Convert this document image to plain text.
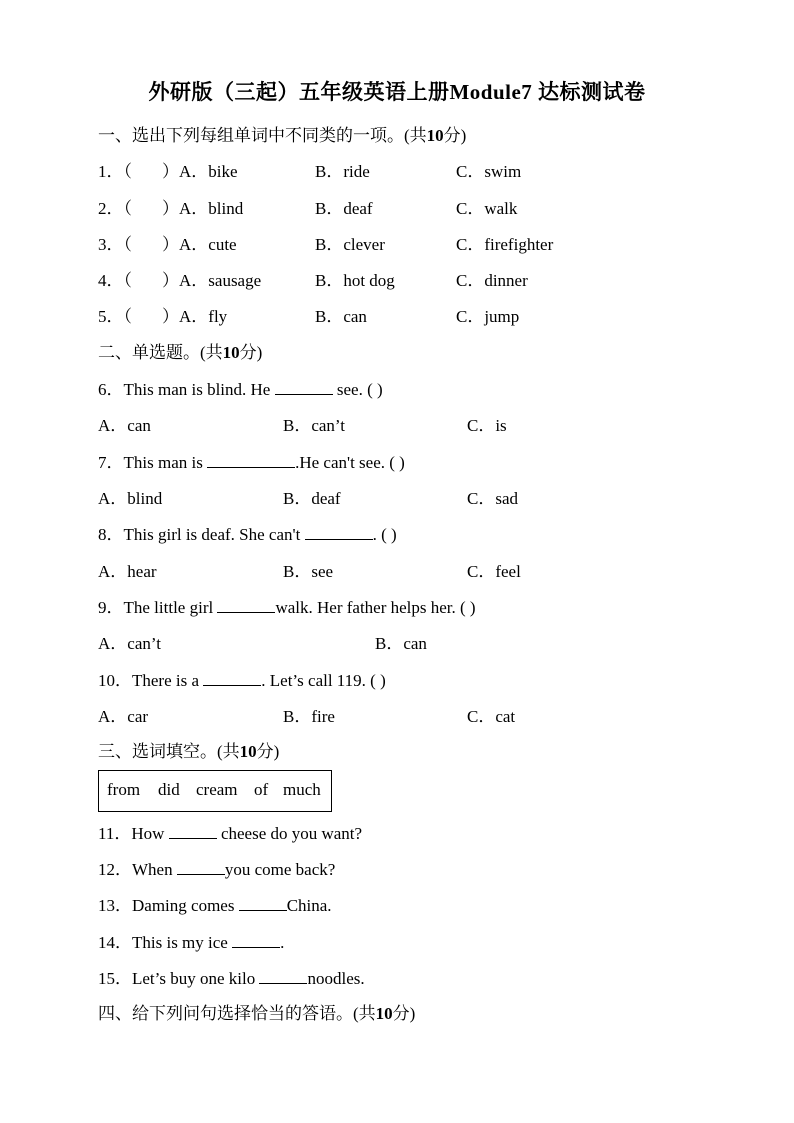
外研版（三起）五年级英语上册Module7 达标测试卷
一、选出下列每组单词中不同类的一项。(共10分)
1．（ ）A．bike	B．ride	C．swim
2．（ ）A．blind	B．deaf	C．walk
3．（ ）A．cute	B．clever	C．firefighter
4．（ ）A．sausage	B．hot dog	C．dinner
5．（ ）A．fly	B．can	C．jump
二、单选题。(共10分)
6．This man is blind. He	see. ( )
A．can	B．can’t	C．is
7．This man is	.He can't see. ( )
A．blind	B．deaf	C．sad
8．This girl is deaf. She can't	. ( )
A．hear	B．see	C．feel
9．The little girl	walk. Her father helps her. ( )
A．can’t	B．can
10．There is a	. Let’s call 119. ( )
A．car	B．fire	C．cat
三、选词填空。(共10分)
from did cream of much
11．How	cheese do you want?
12．When	you come back?
13．Daming comes	China.
14．This is my ice	.
15．Let’s buy one kilo	noodles.
四、给下列问句选择恰当的答语。(共10分)
